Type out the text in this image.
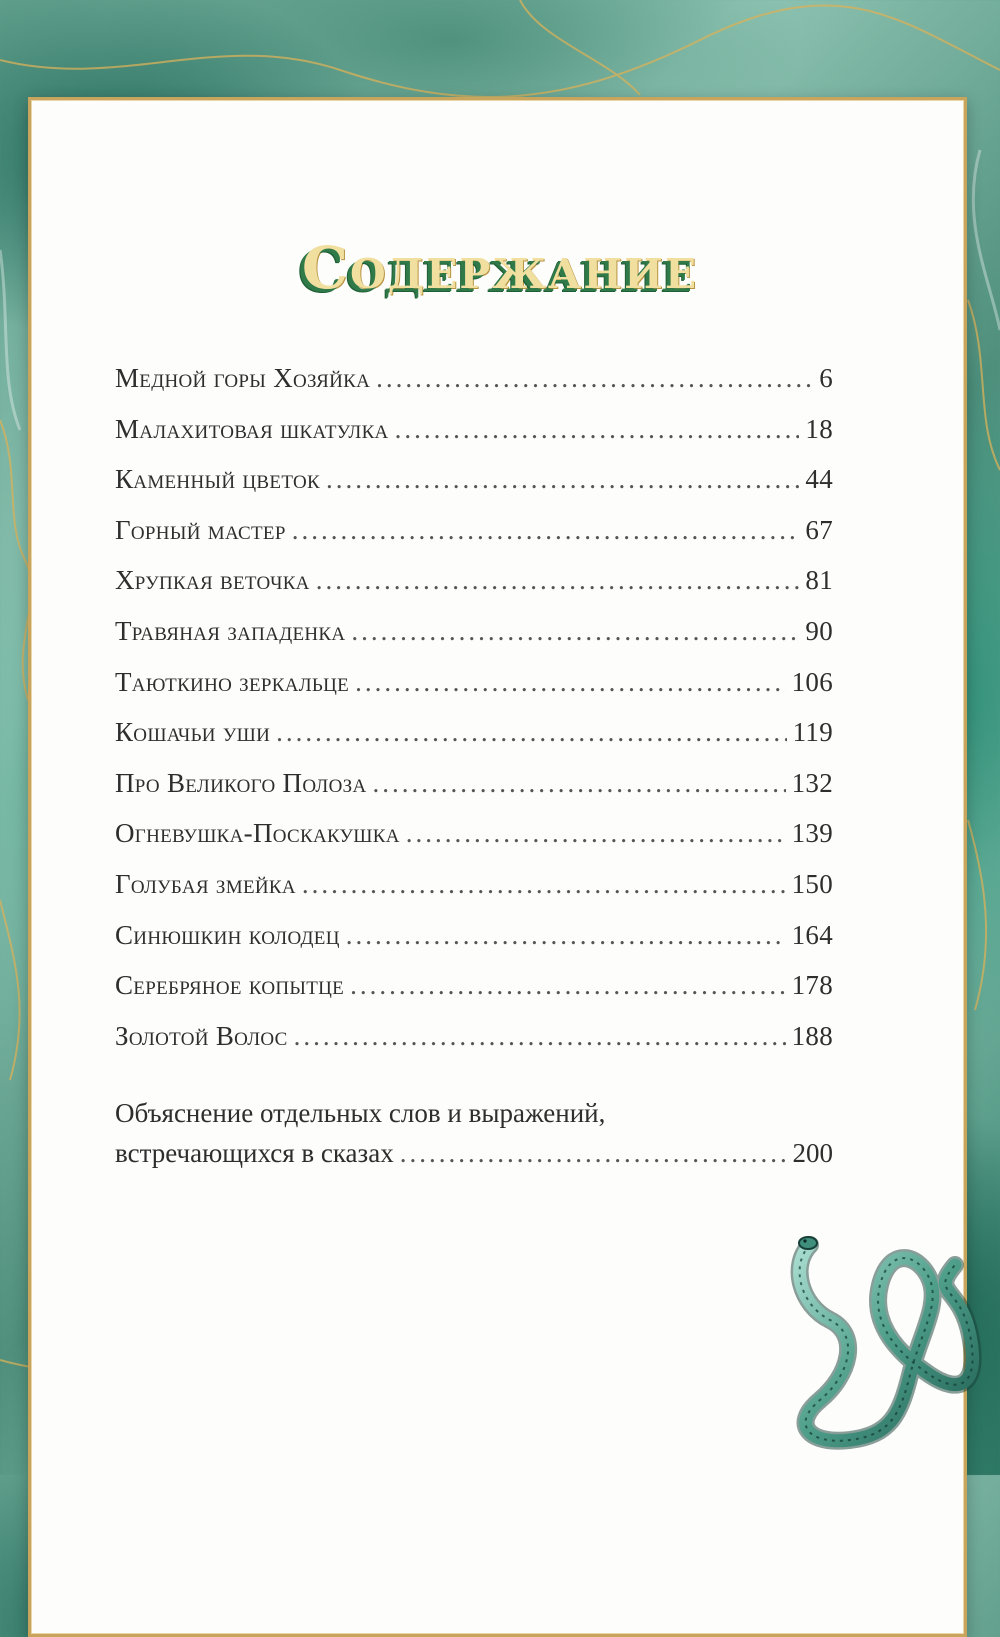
Содержание
Медной горы Хозяйка .....	6
Малахитовая шкатулка .....	18
Каменный цветок .....	44
Горный мастер .....	67
Хрупкая веточка .....	81
Травяная западенка .....	90
Таюткино зеркальце .....	106
Кошачьи уши .....	119
Про Великого Полоза .....	132
Огневушка-Поскакушка .....	139
Голубая змейка .....	150
Синюшкин колодец .....	164
Серебряное копытце .....	178
Золотой Волос .....	188
Объяснение отдельных слов и выражений,
встречающихся в сказах .....	200
